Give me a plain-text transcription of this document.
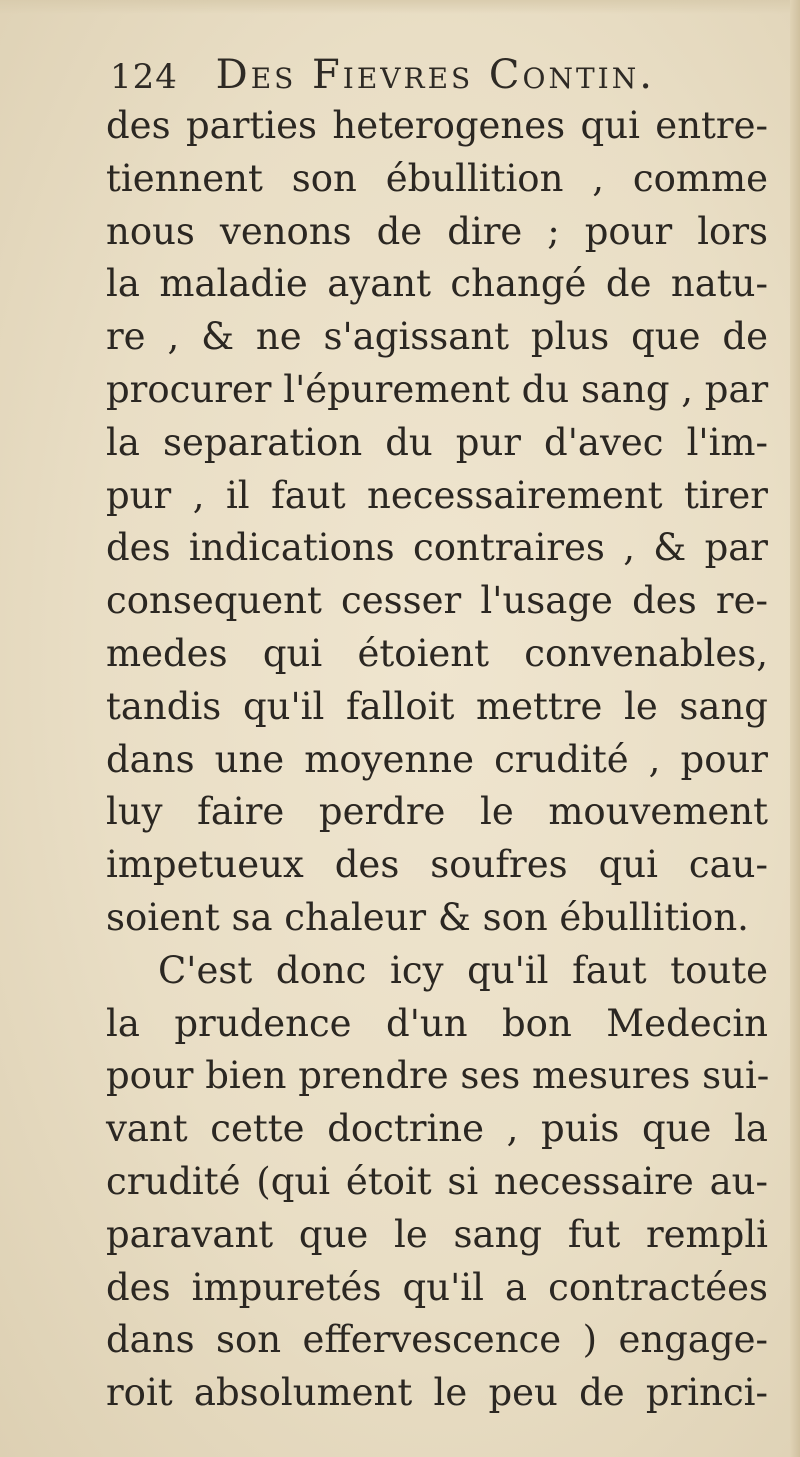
124 Des Fievres Contin.
des parties heterogenes qui entre-
tiennent son ébullition , comme
nous venons de dire ; pour lors
la maladie ayant changé de natu-
re , & ne s'agissant plus que de
procurer l'épurement du sang , par
la separation du pur d'avec l'im-
pur , il faut necessairement tirer
des indications contraires , & par
consequent cesser l'usage des re-
medes qui étoient convenables,
tandis qu'il falloit mettre le sang
dans une moyenne crudité , pour
luy faire perdre le mouvement
impetueux des soufres qui cau-
soient sa chaleur & son ébullition.
C'est donc icy qu'il faut toute
la prudence d'un bon Medecin
pour bien prendre ses mesures sui-
vant cette doctrine , puis que la
crudité (qui étoit si necessaire au-
paravant que le sang fut rempli
des impuretés qu'il a contractées
dans son effervescence ) engage-
roit absolument le peu de princi-
